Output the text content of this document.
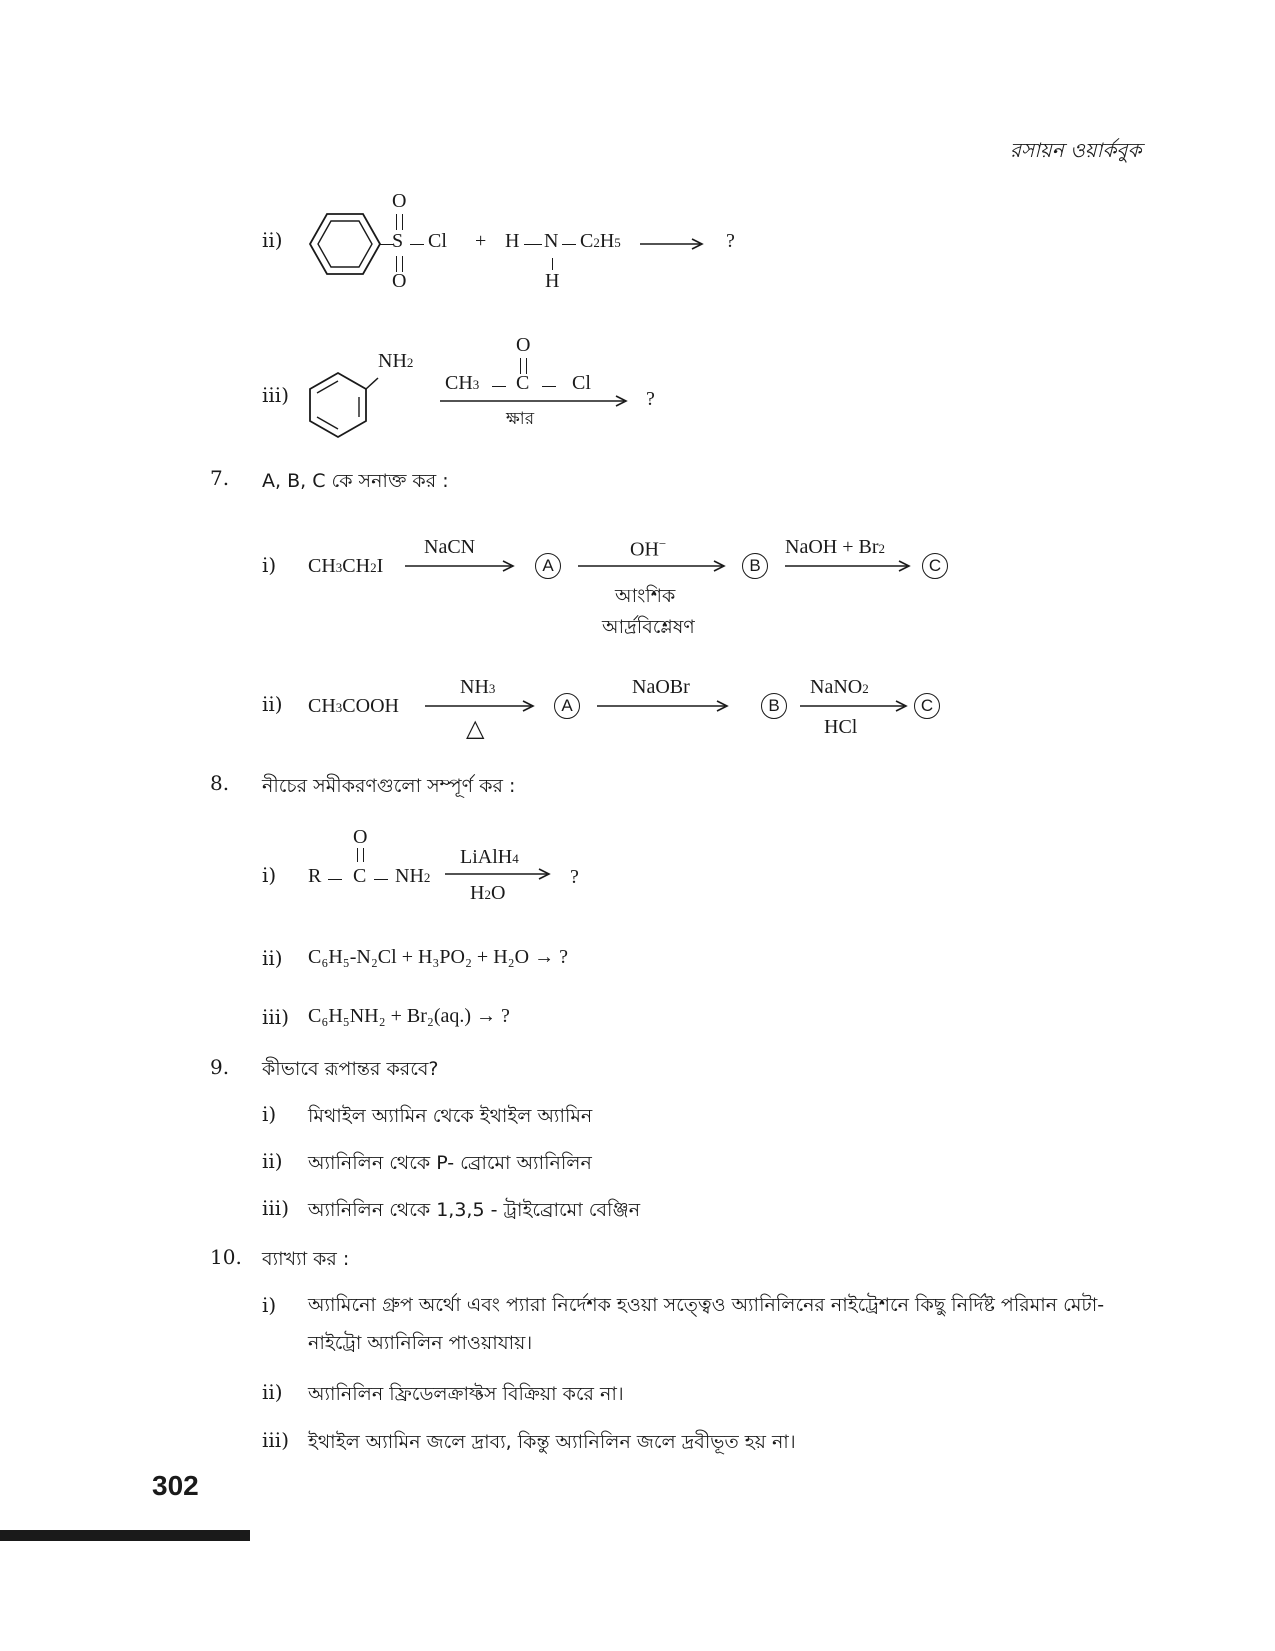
রসায়ন ওয়ার্কবুক
ii)
O
S
O
Cl + H N C2H5
H
?
iii)
NH2
O
CH3 C Cl
ক্ষার
?
7. A, B, C কে সনাক্ত কর :
i) CH3CH2I
NaCN
A
OH−
আংশিক
আর্দ্রবিশ্লেষণ
B
NaOH + Br2
C
ii) CH3COOH
NH3
△
A
NaOBr
B
NaNO2
HCl
C
8. নীচের সমীকরণগুলো সম্পূর্ণ কর :
i)
O
R C NH2
LiAlH4
H2O
?
ii) C₆H₅-N₂Cl + H₃PO₂ + H₂O → ?
iii) C₆H₅NH₂ + Br₂(aq.) → ?
9. কীভাবে রূপান্তর করবে?
i) মিথাইল অ্যামিন থেকে ইথাইল অ্যামিন
ii) অ্যানিলিন থেকে P- ব্রোমো অ্যানিলিন
iii) অ্যানিলিন থেকে 1,3,5 - ট্রাইব্রোমো বেঞ্জিন
10. ব্যাখ্যা কর :
i) অ্যামিনো গ্রুপ অর্থো এবং প্যারা নির্দেশক হওয়া সত্ত্বেও অ্যানিলিনের নাইট্রেশনে কিছু নির্দিষ্ট পরিমান মেটা-নাইট্রো অ্যানিলিন পাওয়াযায়।
ii) অ্যানিলিন ফ্রিডেলক্রাফ্টস বিক্রিয়া করে না।
iii) ইথাইল অ্যামিন জলে দ্রাব্য, কিন্তু অ্যানিলিন জলে দ্রবীভূত হয় না।
302
